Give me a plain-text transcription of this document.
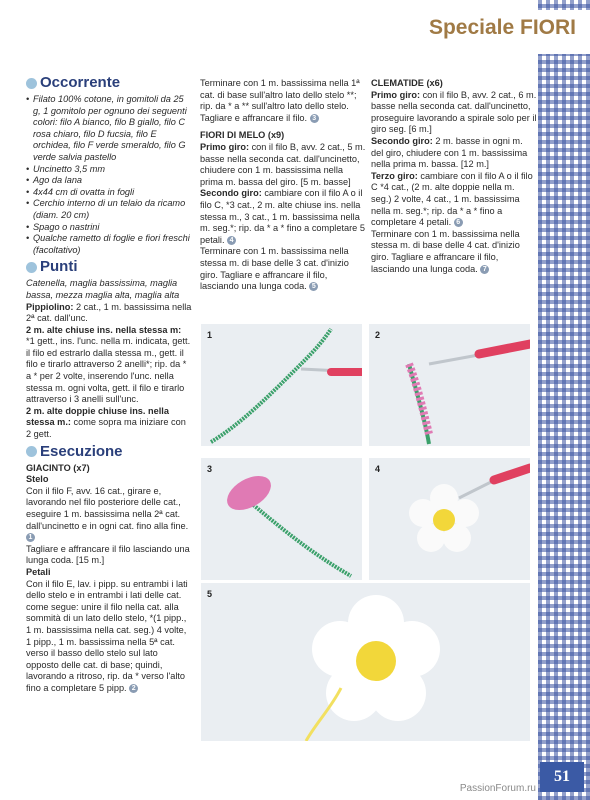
Speciale FIORI
Occorrente
• Filato 100% cotone, in gomitoli da 25 g, 1 gomitolo per ognuno dei seguenti colori: filo A bianco, filo B giallo, filo C rosa chiaro, filo D fucsia, filo E orchidea, filo F verde smeraldo, filo G verde salvia pastello
• Uncinetto 3,5 mm
• Ago da lana
• 4x44 cm di ovatta in fogli
• Cerchio interno di un telaio da ricamo (diam. 20 cm)
• Spago o nastrini
• Qualche rametto di foglie e fiori freschi (facoltativo)
Punti

Catenella, maglia bassissima, maglia bassa, mezza maglia alta, maglia alta

Pippiolino: 2 cat., 1 m. bassissima nella 2ª cat. dall'unc.

2 m. alte chiuse ins. nella stessa m: *1 gett., ins. l'unc. nella m. indicata, gett. il filo ed estrarlo dalla stessa m., gett. il filo e tirarlo attraverso 2 anelli*; rip. da * a * per 2 volte, inserendo l'unc. nella stessa m. ogni volta, gett. il filo e tirarlo attraverso i 3 anelli sull'unc.

2 m. alte doppie chiuse ins. nella stessa m.: come sopra ma iniziare con 2 gett.

Esecuzione

GIACINTO (x7)

Stelo

Con il filo F, avv. 16 cat., girare e, lavorando nel filo posteriore delle cat., eseguire 1 m. bassissima nella 2ª cat. dall'uncinetto e in ogni cat. fino alla fine. 1

Tagliare e affrancare il filo lasciando una lunga coda. [15 m.]

Petali

Con il filo E, lav. i pipp. su entrambi i lati dello stelo e in entrambi i lati delle cat. come segue: unire il filo nella cat. alla sommità di un lato dello stelo, *(1 pipp., 1 m. bassissima nella cat. seg.) 4 volte, 1 pipp., 1 m. bassissima nella 5ª cat. verso il basso dello stelo sul lato opposto delle cat. di base; quindi, lavorando a ritroso, rip. da * verso l'alto fino a completare 5 pipp. 2

Terminare con 1 m. bassissima nella 1ª cat. di base sull'altro lato dello stelo **; rip. da * a ** sull'altro lato dello stelo. Tagliare e affrancare il filo. 3

FIORI DI MELO (x9)

Primo giro: con il filo B, avv. 2 cat., 5 m. basse nella seconda cat. dall'uncinetto, chiudere con 1 m. bassissima nella prima m. bassa del giro. [5 m. basse]

Secondo giro: cambiare con il filo A o il filo C, *3 cat., 2 m. alte chiuse ins. nella stessa m., 3 cat., 1 m. bassissima nella m. seg.*; rip. da * a * fino a completare 5 petali. 4

Terminare con 1 m. bassissima nella stessa m. di base delle 3 cat. d'inizio giro. Tagliare e affrancare il filo, lasciando una lunga coda. 5

CLEMATIDE (x6)

Primo giro: con il filo B, avv. 2 cat., 6 m. basse nella seconda cat. dall'uncinetto, proseguire lavorando a spirale solo per il giro seg. [6 m.]

Secondo giro: 2 m. basse in ogni m. del giro, chiudere con 1 m. bassissima nella prima m. bassa. [12 m.]

Terzo giro: cambiare con il filo A o il filo C *4 cat., (2 m. alte doppie nella m. seg.) 2 volte, 4 cat., 1 m. bassissima nella m. seg.*; rip. da * a * fino a completare 4 petali. 6

Terminare con 1 m. bassissima nella stessa m. di base delle 4 cat. d'inizio giro. Tagliare e affrancare il filo, lasciando una lunga coda. 7

1	2
3	4
5
PassionForum.ru
51
